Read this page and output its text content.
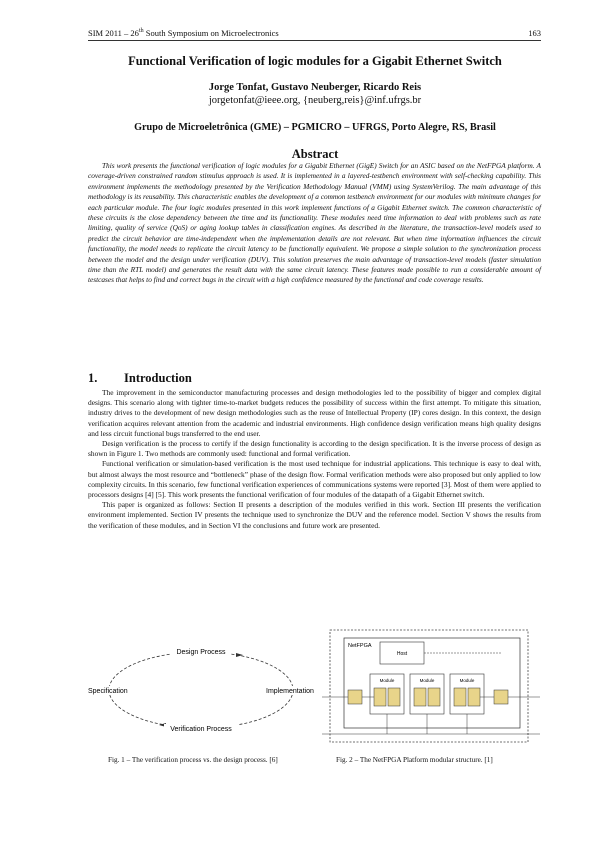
SIM 2011 – 26th South Symposium on Microelectronics	163
Functional Verification of logic modules for a Gigabit Ethernet Switch
Jorge Tonfat, Gustavo Neuberger, Ricardo Reis
jorgetonfat@ieee.org, {neuberg,reis}@inf.ufrgs.br
Grupo de Microeletrônica (GME) – PGMICRO – UFRGS, Porto Alegre, RS, Brasil
Abstract

This work presents the functional verification of logic modules for a Gigabit Ethernet (GigE) Switch for an ASIC based on the NetFPGA platform. A coverage-driven constrained random stimulus approach is used. It is implemented in a layered-testbench environment with self-checking capability. This environment implements the methodology presented by the Verification Methodology Manual (VMM) using SystemVerilog. The main advantage of this methodology is its reusability. This characteristic enables the development of a common testbench environment for our modules with minimum changes for each particular module. The four logic modules presented in this work implement functions of a Gigabit Ethernet switch. The common characteristic of these circuits is the close dependency between the time and its functionality. These modules need time information to deal with problems such as rate limiting, quality of service (QoS) or aging lookup tables in classification engines. As described in the literature, the transaction-level models used to predict the circuit behavior are time-independent when the implementation details are not relevant. But when time information influences the circuit functionality, the model needs to replicate the circuit latency to be functionally equivalent. We propose a simple solution to the synchronization process between the model and the design under verification (DUV). This solution preserves the main advantage of transaction-level models (faster simulation time than the RTL model) and generates the result data with the same circuit latency. These features made possible to run a considerable amount of testcases that helps to find and correct bugs in the circuit with a high confidence measured by the functional and code coverage results.

1. Introduction

The improvement in the semiconductor manufacturing processes and design methodologies led to the possibility of bigger and complex digital designs. This scenario along with tighter time-to-market budgets reduces the possibility of success within the first attempt. To mitigate this situation, industry drives to the development of new design methodologies such as the reuse of Intellectual Property (IP) cores design. In this context, the design verification acquires relevant attention from the academic and industrial environments. High confidence design verification means high quality designs and less circuit functional bugs transferred to the end user.

Design verification is the process to certify if the design functionality is according to the design specification. It is the inverse process of design as shown in Figure 1. Two methods are commonly used: functional and formal verification.

Functional verification or simulation-based verification is the most used technique for industrial applications. This technique is easy to deal with, but almost always the most resource and “bottleneck” phase of the design flow. Formal verification methods were also proposed but only applied to low complexity circuits. In this scenario, few functional verification experiences of communications systems were reported [3]. Most of them were applied to processors designs [4] [5]. This work presents the functional verification of four modules of the datapath of a Gigabit Ethernet switch.

This paper is organized as follows: Section II presents a description of the modules verified in this work. Section III presents the verification environment implemented. Section IV presents the technique used to synchronize the DUV and the reference model. Section V shows the results from the verification of these modules, and in Section VI the conclusions and future work are presented.

Design Process
Specification	Implementation
Verification Process
NetFPGA
Host
Module	Module	Module
Fig. 1 – The verification process vs. the design process. [6]	Fig. 2 – The NetFPGA Platform modular structure. [1]
